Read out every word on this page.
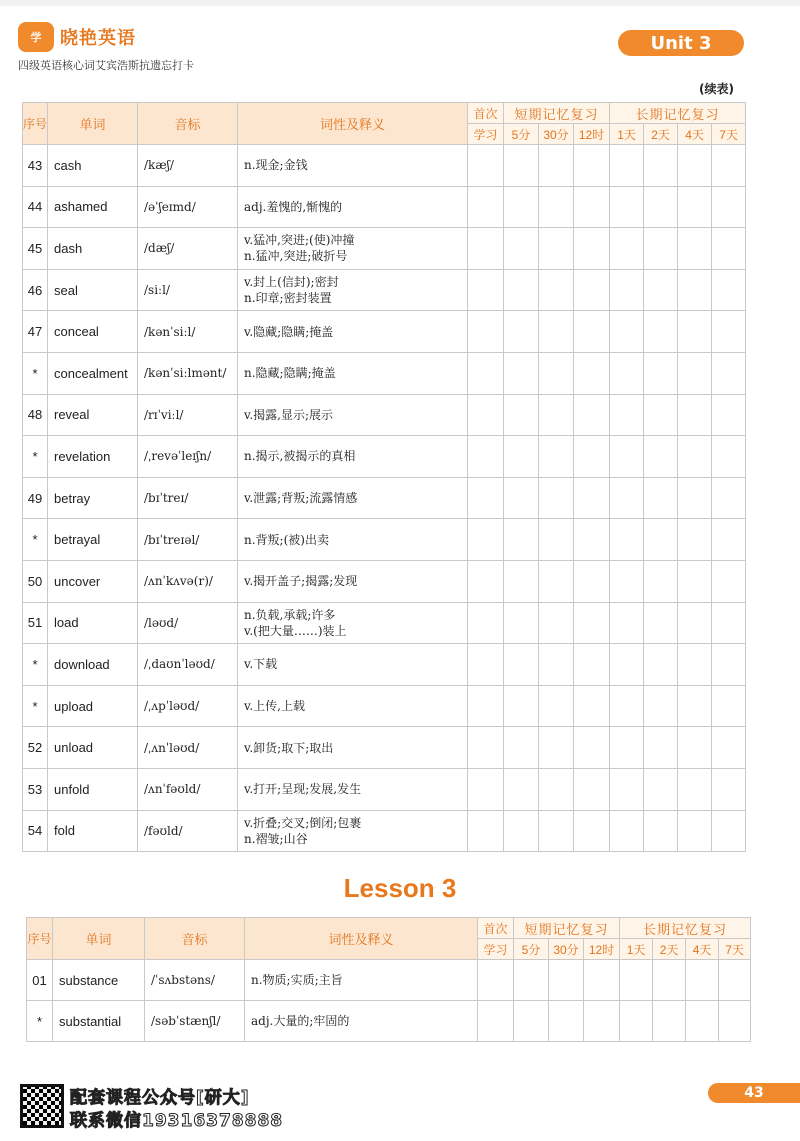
学	晓艳英语
四级英语核心词艾宾浩斯抗遗忘打卡
Unit 3
(续表)
序号	单词	音标	词性及释义	首次	短期记忆复习			长期记忆复习			
				学习	5分	30分	12时	1天	2天	4天	7天
43	cash	/kæʃ/	n.现金;金钱								

44	ashamed	/əˈʃeɪmd/	adj.羞愧的,惭愧的								

45	dash	/dæʃ/	v.猛冲,突进;(使)冲撞
n.猛冲,突进;破折号								

46	seal	/siːl/	v.封上(信封);密封
n.印章;密封装置								

47	conceal	/kənˈsiːl/	v.隐藏;隐瞒;掩盖								

*	concealment	/kənˈsiːlmənt/	n.隐藏;隐瞒;掩盖								

48	reveal	/rɪˈviːl/	v.揭露,显示;展示								

*	revelation	/ˌrevəˈleɪʃn/	n.揭示,被揭示的真相								

49	betray	/bɪˈtreɪ/	v.泄露;背叛;流露情感								

*	betrayal	/bɪˈtreɪəl/	n.背叛;(被)出卖								

50	uncover	/ʌnˈkʌvə(r)/	v.揭开盖子;揭露;发现								

51	load	/ləʊd/	n.负载,承载;许多
v.(把大量……)装上								

*	download	/ˌdaʊnˈləʊd/	v.下载								

*	upload	/ˌʌpˈləʊd/	v.上传,上载								

52	unload	/ˌʌnˈləʊd/	v.卸货;取下;取出								

53	unfold	/ʌnˈfəʊld/	v.打开;呈现;发展,发生								

54	fold	/fəʊld/	v.折叠;交叉;倒闭;包裹
n.褶皱;山谷								

Lesson 3
序号	单词	音标	词性及释义	首次	短期记忆复习			长期记忆复习			
				学习	5分	30分	12时	1天	2天	4天	7天
01	substance	/ˈsʌbstəns/	n.物质;实质;主旨								

*	substantial	/səbˈstænʃl/	adj.大量的;牢固的								

配套课程公众号[研大]
联系微信19316378888
43
